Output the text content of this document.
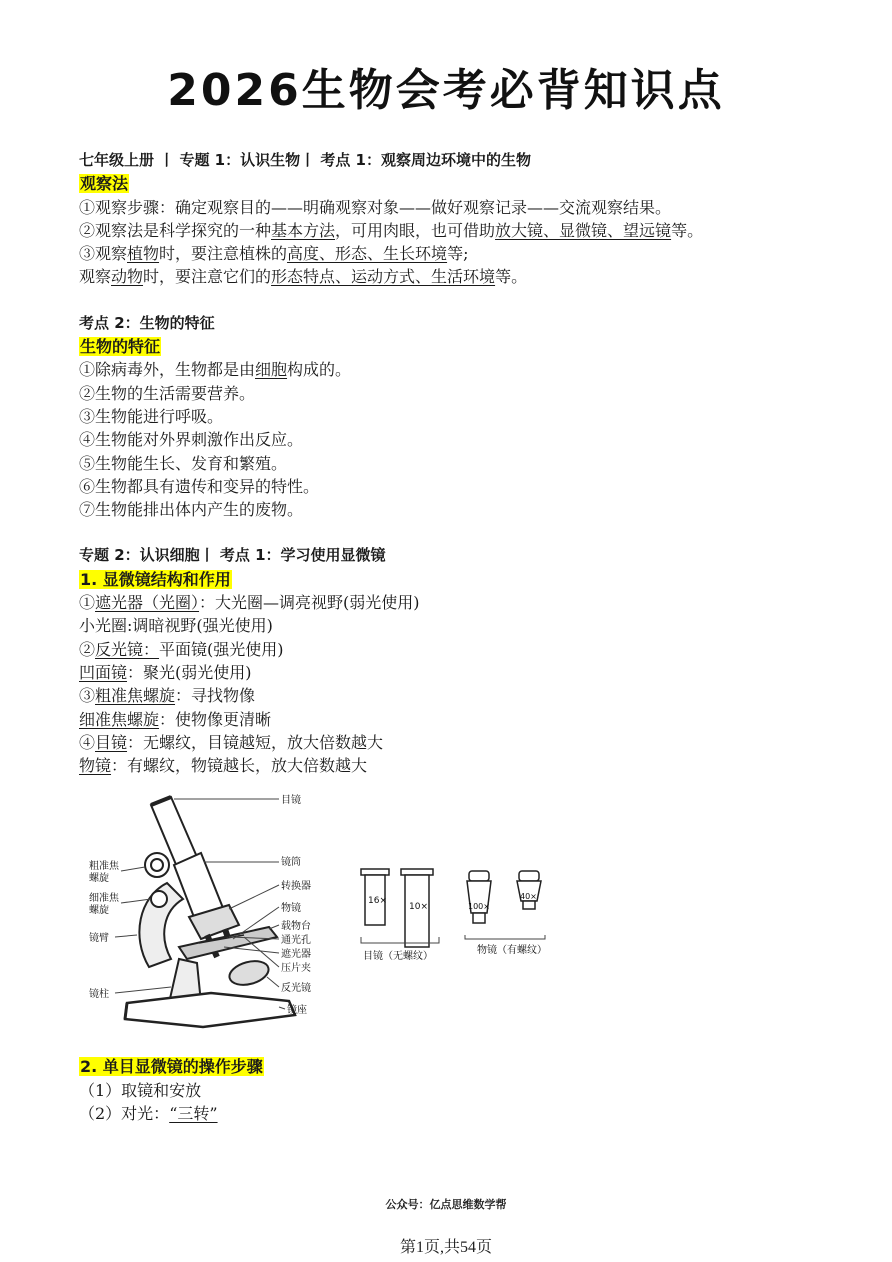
2026生物会考必背知识点

七年级上册 丨 专题 1：认识生物丨 考点 1：观察周边环境中的生物

观察法

①观察步骤：确定观察目的——明确观察对象——做好观察记录——交流观察结果。

②观察法是科学探究的一种基本方法，可用肉眼，也可借助放大镜、显微镜、望远镜等。

③观察植物时，要注意植株的高度、形态、生长环境等;

观察动物时，要注意它们的形态特点、运动方式、生活环境等。

考点 2：生物的特征

生物的特征

①除病毒外，生物都是由细胞构成的。

②生物的生活需要营养。

③生物能进行呼吸。

④生物能对外界刺激作出反应。

⑤生物能生长、发育和繁殖。

⑥生物都具有遗传和变异的特性。

⑦生物能排出体内产生的废物。

专题 2：认识细胞丨 考点 1：学习使用显微镜

1. 显微镜结构和作用

①遮光器（光圈）：大光圈—调亮视野(弱光使用)

小光圈:调暗视野(强光使用)

②反光镜：平面镜(强光使用)

凹面镜：聚光(弱光使用)

③粗准焦螺旋：寻找物像

细准焦螺旋：使物像更清晰

④目镜：无螺纹，目镜越短，放大倍数越大

物镜：有螺纹，物镜越长，放大倍数越大

目镜
镜筒
转换器
物镜
载物台
通光孔
遮光器
压片夹
反光镜
镜座
粗准焦
螺旋
细准焦
螺旋
镜臂
镜柱
16×
10×	100×
40×
目镜（无螺纹）
物镜（有螺纹）

2. 单目显微镜的操作步骤

（1）取镜和安放

（2）对光：“三转”

公众号：亿点思维数学帮
第1页,共54页
